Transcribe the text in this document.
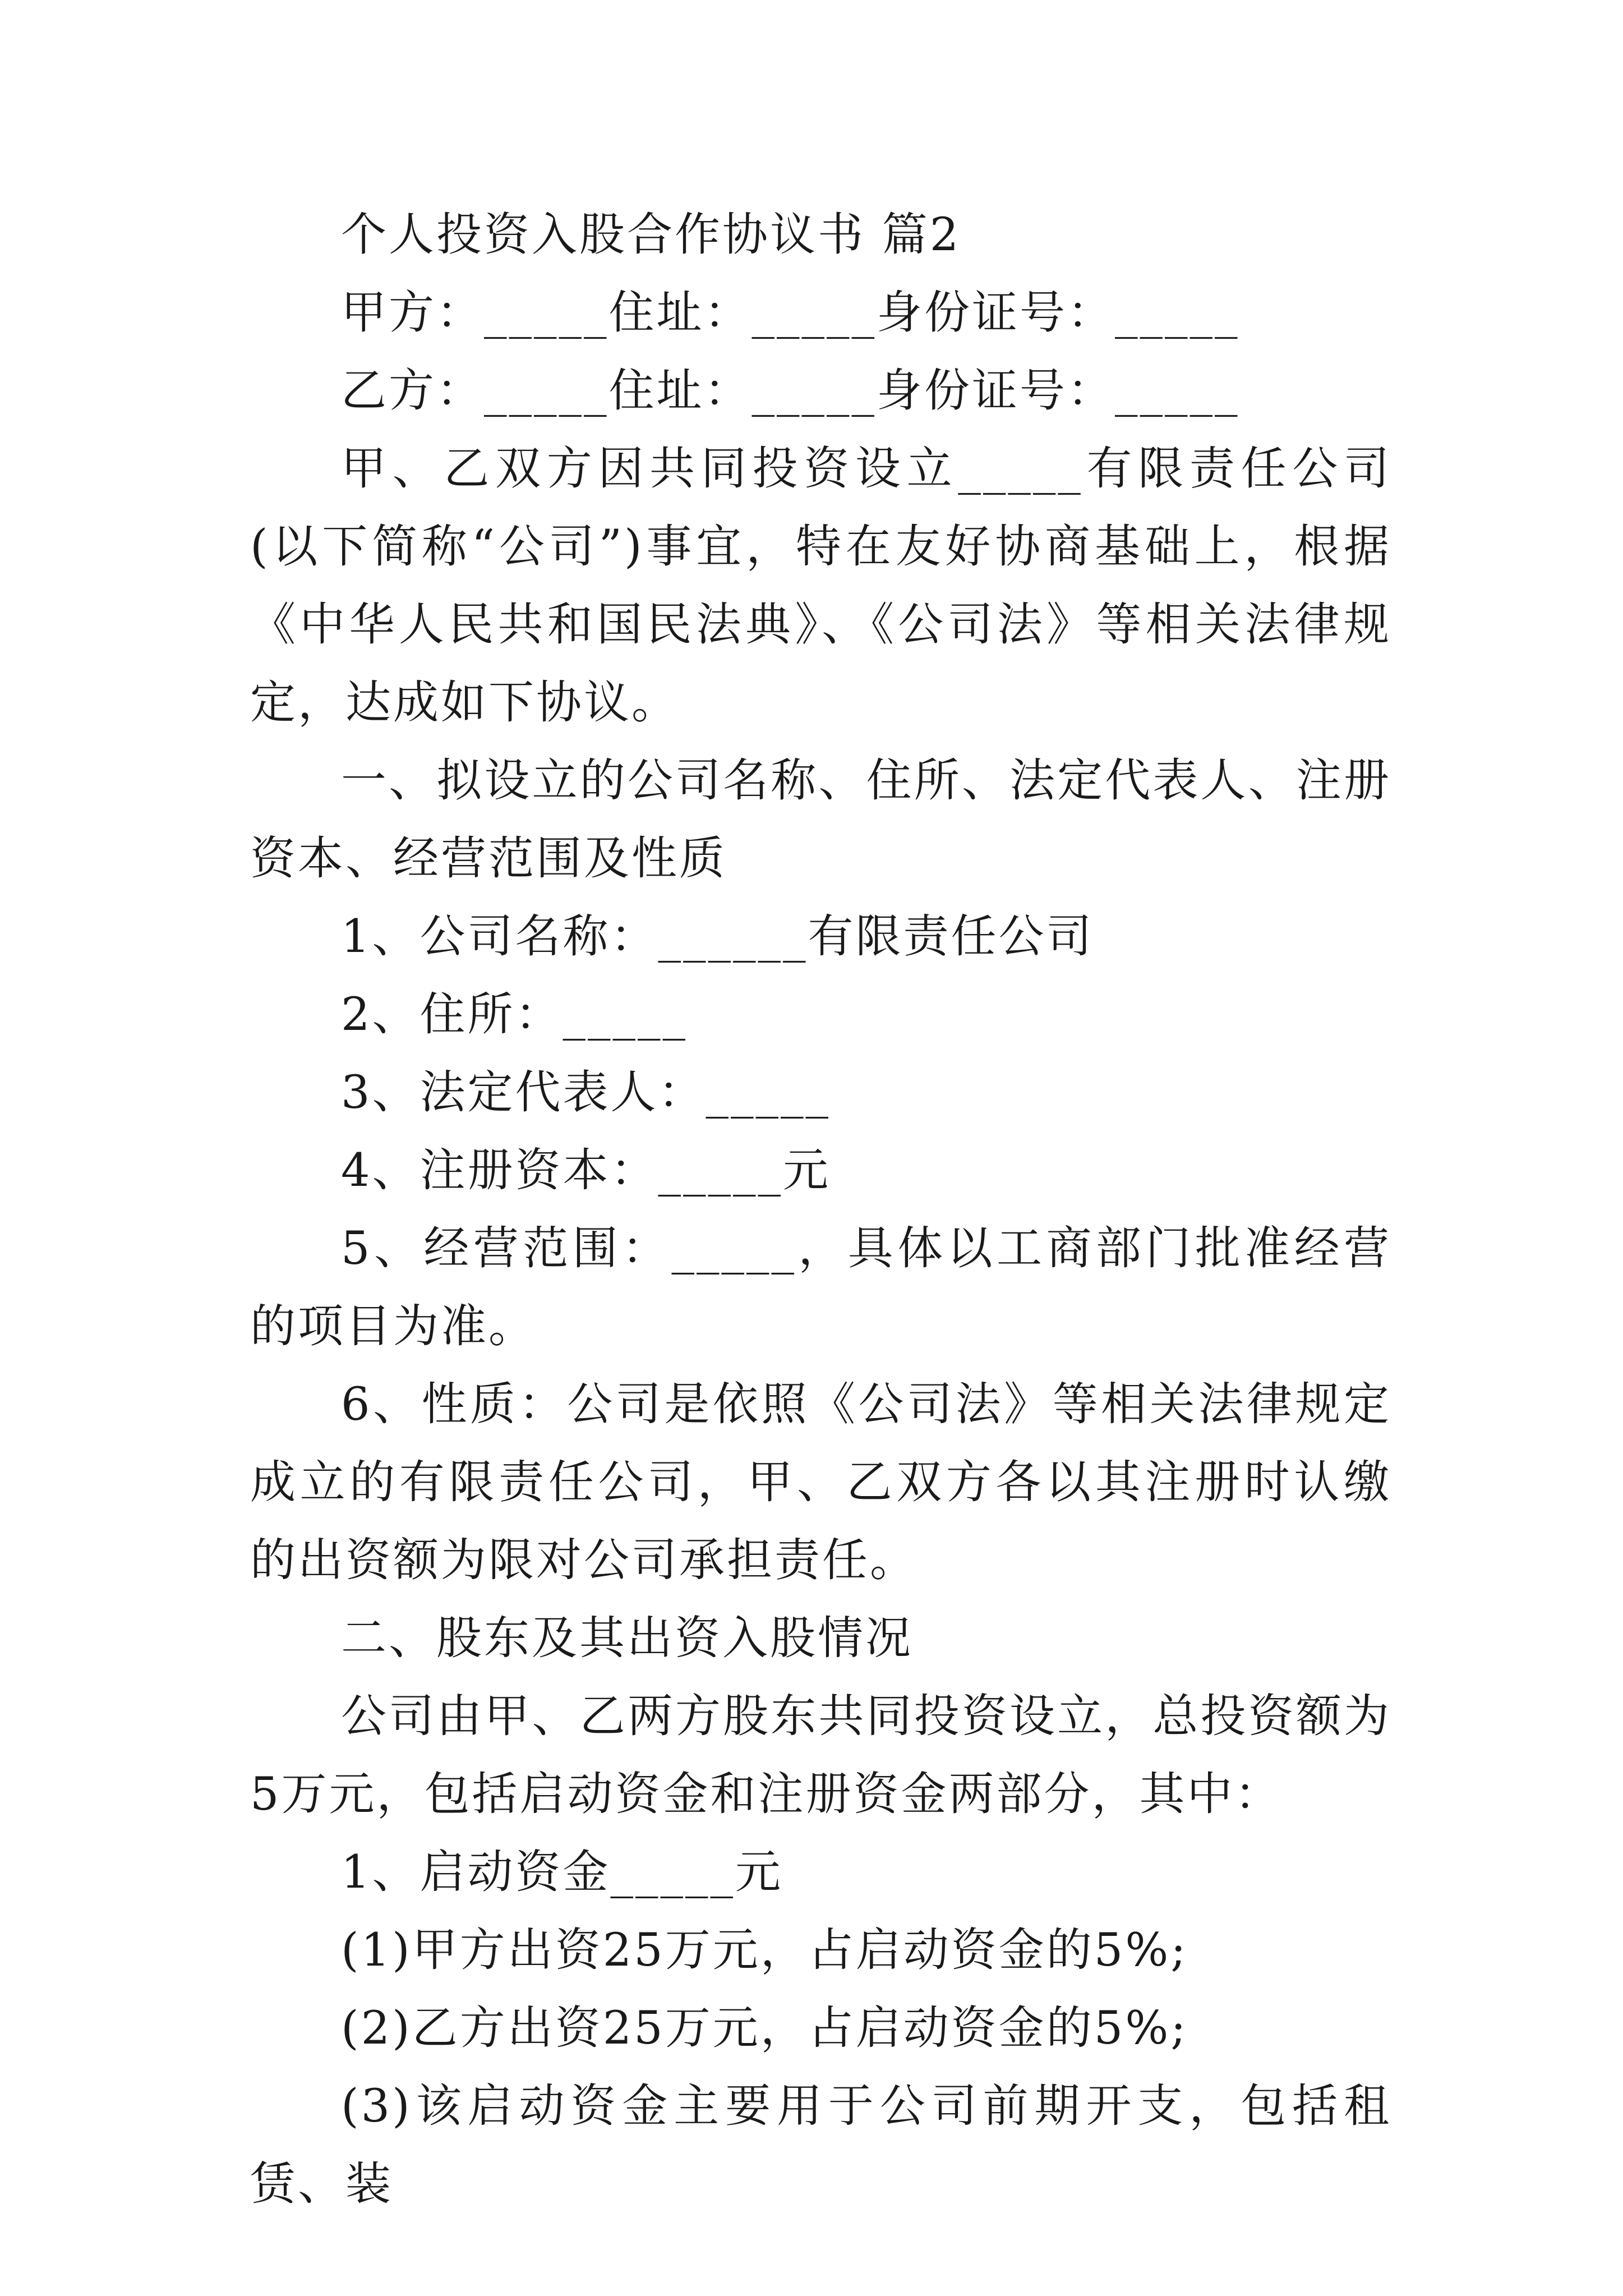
个人投资入股合作协议书 篇2

甲方：_____住址：_____身份证号：_____

乙方：_____住址：_____身份证号：_____

甲、乙双方因共同投资设立_____有限责任公司(以下简称“公司”)事宜，特在友好协商基础上，根据《中华人民共和国民法典》、《公司法》等相关法律规定，达成如下协议。

一、拟设立的公司名称、住所、法定代表人、注册资本、经营范围及性质

1、公司名称：______有限责任公司

2、住所：_____

3、法定代表人：_____

4、注册资本：_____元

5、经营范围：_____，具体以工商部门批准经营的项目为准。

6、性质：公司是依照《公司法》等相关法律规定成立的有限责任公司，甲、乙双方各以其注册时认缴的出资额为限对公司承担责任。

二、股东及其出资入股情况

公司由甲、乙两方股东共同投资设立，总投资额为5万元，包括启动资金和注册资金两部分，其中：

1、启动资金_____元

(1)甲方出资25万元，占启动资金的5%;

(2)乙方出资25万元，占启动资金的5%;

(3)该启动资金主要用于公司前期开支，包括租赁、装
